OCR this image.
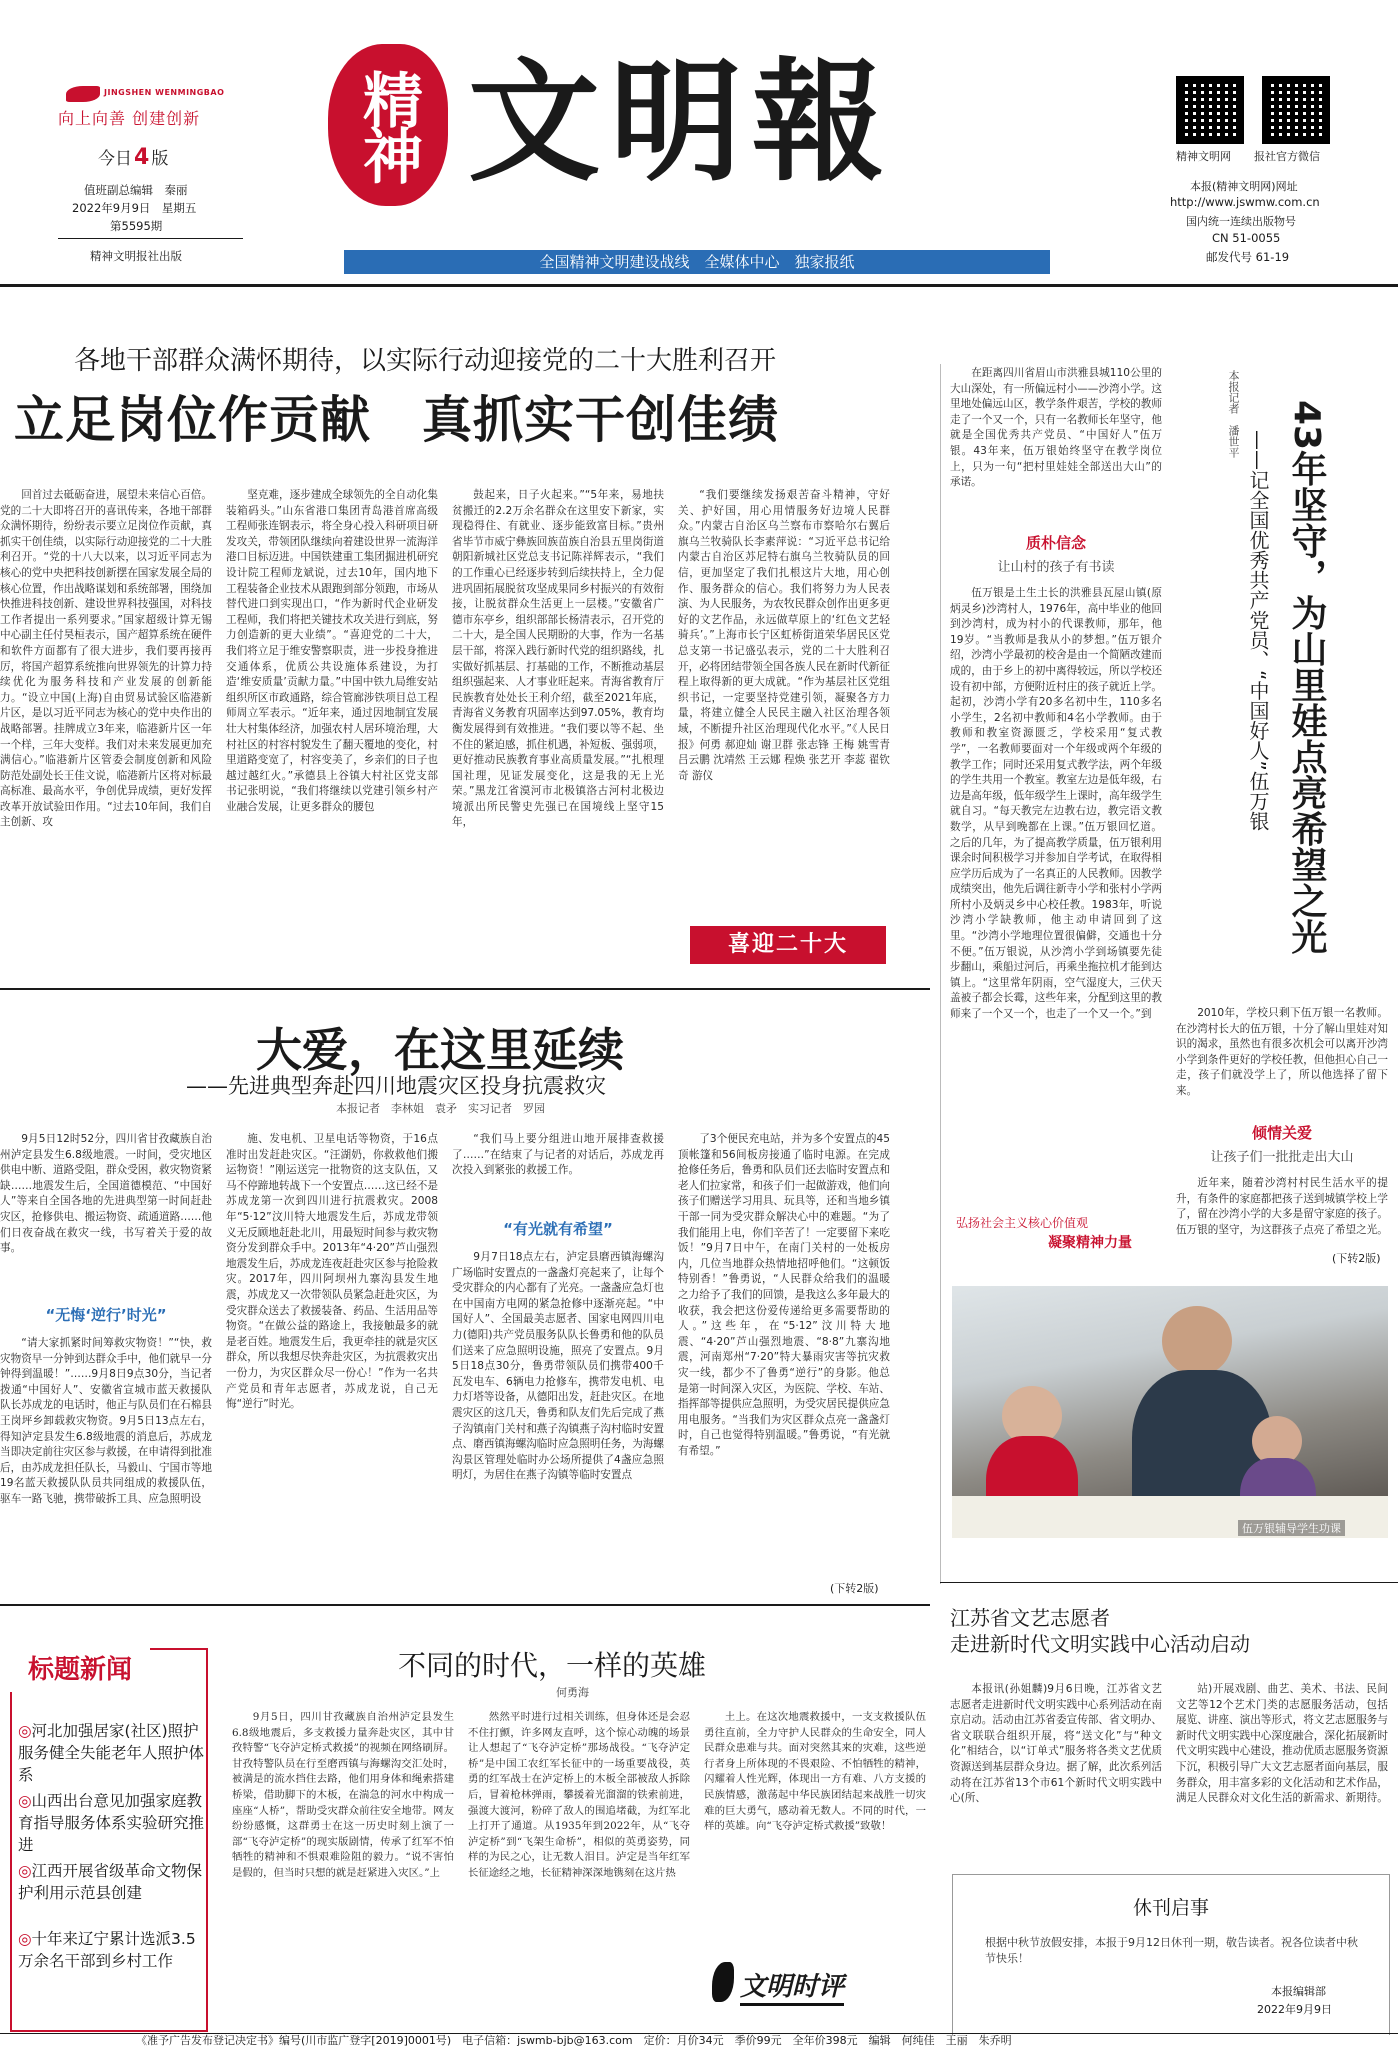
JINGSHEN WENMINGBAO
向上向善 创建创新
今日4 版
值班副总编辑　秦丽
2022年9月9日　星期五
第5595期
精神文明报社出版
精神 文明報
全国精神文明建设战线　全媒体中心　独家报纸
精神文明网 报社官方微信
本报(精神文明网)网址
http://www.jswmw.com.cn
国内统一连续出版物号
CN 51-0055
邮发代号 61-19
各地干部群众满怀期待，以实际行动迎接党的二十大胜利召开
立足岗位作贡献　真抓实干创佳绩

回首过去砥砺奋进，展望未来信心百倍。党的二十大即将召开的喜讯传来，各地干部群众满怀期待，纷纷表示要立足岗位作贡献，真抓实干创佳绩，以实际行动迎接党的二十大胜利召开。“党的十八大以来，以习近平同志为核心的党中央把科技创新摆在国家发展全局的核心位置，作出战略谋划和系统部署，围绕加快推进科技创新、建设世界科技强国，对科技工作者提出一系列要求。”国家超级计算无锡中心副主任付昊桓表示，国产超算系统在硬件和软件方面都有了很大进步，我们要再接再厉，将国产超算系统推向世界领先的计算力持续优化为服务科技和产业发展的创新能力。“设立中国(上海)自由贸易试验区临港新片区，是以习近平同志为核心的党中央作出的战略部署。挂牌成立3年来，临港新片区一年一个样，三年大变样。我们对未来发展更加充满信心。”临港新片区管委会制度创新和风险防范处副处长王佳文说，临港新片区将对标最高标准、最高水平，争创优异成绩，更好发挥改革开放试验田作用。“过去10年间，我们自主创新、攻

坚克难，逐步建成全球领先的全自动化集装箱码头。”山东省港口集团青岛港首席高级工程师张连钢表示，将全身心投入科研项目研发攻关，带领团队继续向着建设世界一流海洋港口目标迈进。中国铁建重工集团掘进机研究设计院工程师龙斌说，过去10年，国内地下工程装备企业技术从跟跑到部分领跑，市场从替代进口到实现出口，“作为新时代企业研发工程师，我们将把关键技术攻关进行到底，努力创造新的更大业绩”。“喜迎党的二十大，我们将立足于维安警察职责，进一步投身推进交通体系，优质公共设施体系建设，为打造‘维安质量’贡献力量。”中国中铁九局维安站组织所区市政通路，综合管廊涉铁项目总工程师周立军表示。“近年来，通过因地制宜发展壮大村集体经济，加强农村人居环境治理，大村社区的村容村貌发生了翻天覆地的变化，村里道路变宽了，村容变美了，乡亲们的日子也越过越红火。”承德县上谷镇大村社区党支部书记张明说，“我们将继续以党建引领乡村产业融合发展，让更多群众的腰包

鼓起来，日子火起来。”“5年来，易地扶贫搬迁的2.2万余名群众在这里安下新家，实现稳得住、有就业、逐步能致富目标。”贵州省毕节市威宁彝族回族苗族自治县五里岗街道朝阳新城社区党总支书记陈祥辉表示，“我们的工作重心已经逐步转到后续扶持上，全力促进巩固拓展脱贫攻坚成果同乡村振兴的有效衔接，让脱贫群众生活更上一层楼。”安徽省广德市东亭乡，组织部部长杨清表示，召开党的二十大，是全国人民期盼的大事，作为一名基层干部，将深入践行新时代党的组织路线，扎实做好抓基层、打基础的工作，不断推动基层组织强起来、人才事业旺起来。青海省教育厅民族教育处处长王利介绍，截至2021年底，青海省义务教育巩固率达到97.05%，教育均衡发展得到有效推进。“我们要以等不起、坐不住的紧迫感，抓住机遇，补短板、强弱项，更好推动民族教育事业高质量发展。”“扎根理国社理，见证发展变化，这是我的无上光荣。”黑龙江省漠河市北极镇洛古河村北极边境派出所民警史先强已在国境线上坚守15年，

“我们要继续发扬艰苦奋斗精神，守好关、护好国，用心用情服务好边境人民群众。”内蒙古自治区乌兰察布市察哈尔右翼后旗乌兰牧骑队长李素萍说：“习近平总书记给内蒙古自治区苏尼特右旗乌兰牧骑队员的回信，更加坚定了我们扎根这片大地，用心创作、服务群众的信心。我们将努力为人民表演、为人民服务，为农牧民群众创作出更多更好的文艺作品，永远做草原上的‘红色文艺轻骑兵’。”上海市长宁区虹桥街道荣华居民区党总支第一书记盛弘表示，党的二十大胜利召开，必将团结带领全国各族人民在新时代新征程上取得新的更大成就。“作为基层社区党组织书记，一定要坚持党建引领，凝聚各方力量，将建立健全人民民主融入社区治理各领域，不断提升社区治理现代化水平。”《人民日报》何勇 郝迎灿 谢卫群 张志锋 王梅 姚雪青 吕云鹏 沈靖然 王云娜 程焕 张艺开 李蕊 翟钦奇 游仪

喜迎二十大
大爱，在这里延续
——先进典型奔赴四川地震灾区投身抗震救灾
本报记者　李林姐　袁矛　实习记者　罗园

9月5日12时52分，四川省甘孜藏族自治州泸定县发生6.8级地震。一时间，受灾地区供电中断、道路受阻，群众受困，救灾物资紧缺……地震发生后，全国道德模范、“中国好人”等来自全国各地的先进典型第一时间赶赴灾区，抢修供电、搬运物资、疏通道路……他们日夜奋战在救灾一线，书写着关于爱的故事。

“无悔‘逆行’时光”

“请大家抓紧时间筹救灾物资！”“快，救灾物资早一分钟到达群众手中，他们就早一分钟得到温暖！”……9月8日9点30分，当记者拨通“中国好人”、安徽省宣城市蓝天救援队队长苏成龙的电话时，他正与队员们在石棉县王岗坪乡卸载救灾物资。9月5日13点左右，得知泸定县发生6.8级地震的消息后，苏成龙当即决定前往灾区参与救援，在申请得到批准后，由苏成龙担任队长，马毅山、宁国市等地19名蓝天救援队队员共同组成的救援队伍，驱车一路飞驰，携带破拆工具、应急照明设

施、发电机、卫星电话等物资，于16点准时出发赶赴灾区。“汪湖奶，你救救他们搬运物资！”刚运送完一批物资的这支队伍，又马不停蹄地转战下一个安置点……这已经不是苏成龙第一次到四川进行抗震救灾。2008年“5·12”汶川特大地震发生后，苏成龙带领义无反顾地赶赴北川，用最短时间参与救灾物资分发到群众手中。2013年“4·20”芦山强烈地震发生后，苏成龙连夜赶赴灾区参与抢险救灾。2017年，四川阿坝州九寨沟县发生地震，苏成龙又一次带领队员紧急赶赴灾区，为受灾群众送去了救援装备、药品、生活用品等物资。“在做公益的路途上，我接触最多的就是老百姓。地震发生后，我更牵挂的就是灾区群众，所以我想尽快奔赴灾区，为抗震救灾出一份力，为灾区群众尽一份心！”作为一名共产党员和青年志愿者，苏成龙说，自己无悔“逆行”时光。

“我们马上要分组进山地开展排查救援了……”在结束了与记者的对话后，苏成龙再次投入到紧张的救援工作。

“有光就有希望”

9月7日18点左右，泸定县磨西镇海螺沟广场临时安置点的一盏盏灯亮起来了，让每个受灾群众的内心都有了光亮。一盏盏应急灯也在中国南方电网的紧急抢修中逐渐亮起。“中国好人”、全国最美志愿者、国家电网四川电力(德阳)共产党员服务队队长鲁勇和他的队员们送来了应急照明设施，照亮了安置点。9月5日18点30分，鲁勇带领队员们携带400千瓦发电车、6辆电力抢修车，携带发电机、电力灯塔等设备，从德阳出发，赶赴灾区。在地震灾区的这几天，鲁勇和队友们先后完成了燕子沟镇南门关村和燕子沟镇燕子沟村临时安置点、磨西镇海螺沟临时应急照明任务，为海螺沟景区管理处临时办公场所提供了4盏应急照明灯，为居住在燕子沟镇等临时安置点

了3个便民充电站，并为多个安置点的45顶帐篷和56间板房接通了临时电源。在完成抢修任务后，鲁勇和队员们还去临时安置点和老人们拉家常，和孩子们一起做游戏，他们向孩子们赠送学习用具、玩具等，还和当地乡镇干部一同为受灾群众解决心中的难题。“为了我们能用上电，你们辛苦了！一定要留下来吃饭！”9月7日中午，在南门关村的一处板房内，几位当地群众热情地招呼他们。“这顿饭特别香！”鲁勇说，“人民群众给我们的温暖之力给予了我们的回馈，是我这么多年最大的收获，我会把这份爱传递给更多需要帮助的人。”这些年，在“5·12”汶川特大地震、“4·20”芦山强烈地震、“8·8”九寨沟地震，河南郑州“7·20”特大暴雨灾害等抗灾救灾一线，都少不了鲁勇“逆行”的身影。他总是第一时间深入灾区，为医院、学校、车站、指挥部等提供应急照明，为受灾居民提供应急用电服务。“当我们为灾区群众点亮一盏盏灯时，自己也觉得特别温暖。”鲁勇说，“有光就有希望。”

(下转2版)
43年坚守，为山里娃点亮希望之光
——记全国优秀共产党员、“中国好人”伍万银
本报记者　潘世平

在距离四川省眉山市洪雅县城110公里的大山深处，有一所偏远村小——沙湾小学。这里地处偏远山区，教学条件艰苦，学校的教师走了一个又一个，只有一名教师长年坚守，他就是全国优秀共产党员、“中国好人”伍万银。43年来，伍万银始终坚守在教学岗位上，只为一句“把村里娃娃全部送出大山”的承诺。

质朴信念
让山村的孩子有书读

伍万银是土生土长的洪雅县瓦屋山镇(原炳灵乡)沙湾村人，1976年，高中毕业的他回到沙湾村，成为村小的代课教师，那年，他19岁。“当教师是我从小的梦想。”伍万银介绍，沙湾小学最初的校舍是由一个简陋改建而成的，由于乡上的初中离得较远，所以学校还设有初中部，方便附近村庄的孩子就近上学。起初，沙湾小学有20多名初中生，110多名小学生，2名初中教师和4名小学教师。由于教师和教室资源匮乏，学校采用“复式教学”，一名教师要面对一个年级或两个年级的教学工作；同时还采用复式教学法，两个年级的学生共用一个教室。教室左边是低年级，右边是高年级，低年级学生上课时，高年级学生就自习。“每天教完左边教右边，教完语文教数学，从早到晚都在上课。”伍万银回忆道。之后的几年，为了提高教学质量，伍万银利用课余时间积极学习并参加自学考试，在取得相应学历后成为了一名真正的人民教师。因教学成绩突出，他先后调往新寺小学和张村小学两所村小及炳灵乡中心校任教。1983年，听说沙湾小学缺教师，他主动申请回到了这里。“沙湾小学地理位置很偏僻，交通也十分不便。”伍万银说，从沙湾小学到场镇要先徒步翻山，乘船过河后，再乘坐拖拉机才能到达镇上。“这里常年阴雨，空气湿度大，三伏天盖被子都会长霉，这些年来，分配到这里的教师来了一个又一个，也走了一个又一个。”到	2010年，学校只剩下伍万银一名教师。在沙湾村长大的伍万银，十分了解山里娃对知识的渴求，虽然也有很多次机会可以离开沙湾小学到条件更好的学校任教，但他担心自己一走，孩子们就没学上了，所以他选择了留下来。

倾情关爱
让孩子们一批批走出大山

近年来，随着沙湾村村民生活水平的提升，有条件的家庭都把孩子送到城镇学校上学了，留在沙湾小学的大多是留守家庭的孩子。伍万银的坚守，为这群孩子点亮了希望之光。

(下转2版)
弘扬社会主义核心价值观
凝聚精神力量
伍万银辅导学生功课
江苏省文艺志愿者
走进新时代文明实践中心活动启动

本报讯(孙姐麟)9月6日晚，江苏省文艺志愿者走进新时代文明实践中心系列活动在南京启动。活动由江苏省委宣传部、省文明办、省文联联合组织开展，将“送文化”与“种文化”相结合，以“订单式”服务将各类文艺优质资源送到基层群众身边。据了解，此次系列活动将在江苏省13个市61个新时代文明实践中心(所、

站)开展戏剧、曲艺、美术、书法、民间文艺等12个艺术门类的志愿服务活动，包括展览、讲座、演出等形式，将文艺志愿服务与新时代文明实践中心深度融合，深化拓展新时代文明实践中心建设，推动优质志愿服务资源下沉，积极引导广大文艺志愿者面向基层，服务群众，用丰富多彩的文化活动和艺术作品，满足人民群众对文化生活的新需求、新期待。

休刊启事
根据中秋节放假安排，本报于9月12日休刊一期，敬告读者。祝各位读者中秋节快乐！
本报编辑部
2022年9月9日
标题新闻
◎河北加强居家(社区)照护服务健全失能老年人照护体系
◎山西出台意见加强家庭教育指导服务体系实验研究推进
◎江西开展省级革命文物保护利用示范县创建
◎十年来辽宁累计选派3.5万余名干部到乡村工作
不同的时代，一样的英雄
何勇海

9月5日，四川甘孜藏族自治州泸定县发生6.8级地震后，多支救援力量奔赴灾区，其中甘孜特警“飞夺泸定桥式救援”的视频在网络刷屏。甘孜特警队员在行至磨西镇与海螺沟交汇处时，被满是的流水挡住去路，他们用身体和绳索搭建桥梁，借助脚下的木板，在湍急的河水中构成一座座“人桥”，帮助受灾群众前往安全地带。网友纷纷感慨，这群勇士在这一历史时刻上演了一部“飞夺泸定桥”的现实版剧情，传承了红军不怕牺牲的精神和不惧艰难险阻的毅力。“说不害怕是假的，但当时只想的就是赶紧进入灾区。”上

然然平时进行过相关训练，但身体还是会忍不住打颤，许多网友直呼，这个惊心动魄的场景让人想起了“飞夺泸定桥”那场战役。“飞夺泸定桥”是中国工农红军长征中的一场重要战役，英勇的红军战士在泸定桥上的木板全部被敌人拆除后，冒着枪林弹雨，攀援着光溜溜的铁索前进，强渡大渡河，粉碎了敌人的围追堵截，为红军北上打开了通道。从1935年到2022年，从“飞夺泸定桥”到“飞架生命桥”，相似的英勇姿势，同样的为民之心，让无数人泪目。泸定是当年红军长征途经之地，长征精神深深地镌刻在这片热

土上。在这次地震救援中，一支支救援队伍勇往直前，全力守护人民群众的生命安全，同人民群众患难与共。面对突然其来的灾难，这些逆行者身上所体现的不畏艰险、不怕牺牲的精神，闪耀着人性光辉，体现出一方有难、八方支援的民族情感，激荡起中华民族团结起来战胜一切灾难的巨大勇气，感动着无数人。不同的时代，一样的英雄。向“飞夺泸定桥式救援”致敬！

文明时评
《准予广告发布登记决定书》编号(川市监广登字[2019]0001号)　电子信箱：jswmb-bjb@163.com　定价：月价34元　季价99元　全年价398元　编辑　何纯佳　王丽　朱乔明
